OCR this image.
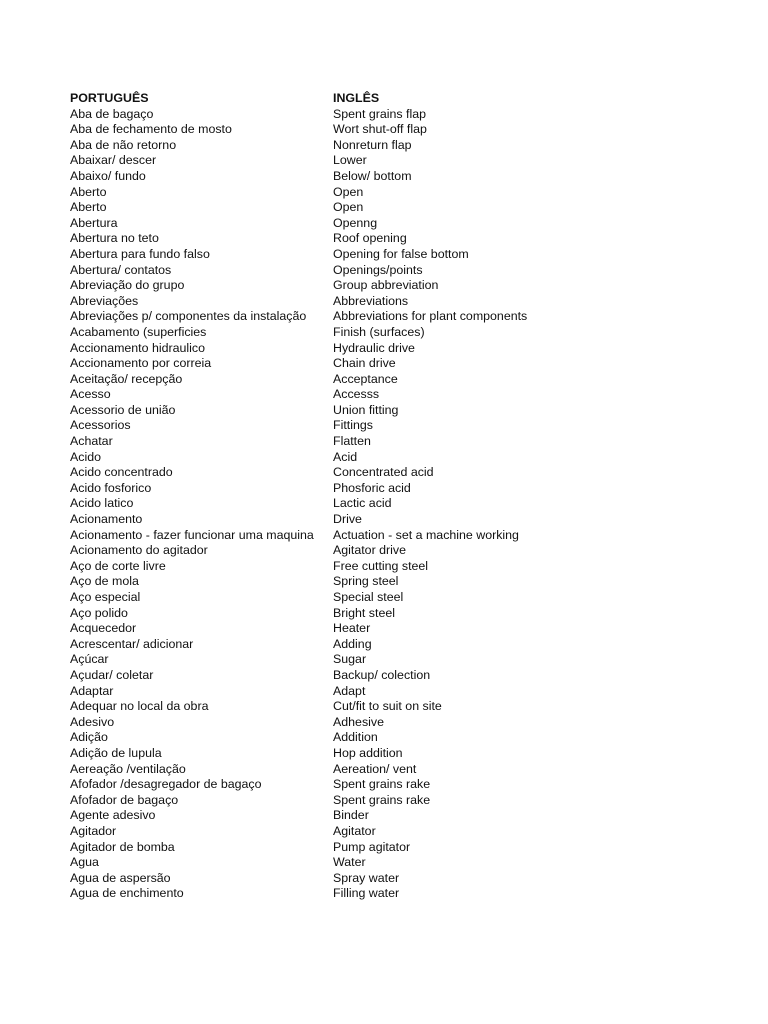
PORTUGUÊS	INGLÊS
Aba de bagaço	Spent grains flap
Aba de fechamento de mosto	Wort shut-off flap
Aba de não retorno	Nonreturn flap
Abaixar/ descer	Lower
Abaixo/ fundo	Below/ bottom
Aberto	Open
Aberto	Open
Abertura	Openng
Abertura no teto	Roof opening
Abertura para fundo falso	Opening for false bottom
Abertura/ contatos	Openings/points
Abreviação do grupo	Group abbreviation
Abreviações	Abbreviations
Abreviações p/ componentes da instalação	Abbreviations for plant components
Acabamento (superficies	Finish (surfaces)
Accionamento hidraulico	Hydraulic drive
Accionamento por correia	Chain drive
Aceitação/ recepção	Acceptance
Acesso	Accesss
Acessorio de união	Union fitting
Acessorios	Fittings
Achatar	Flatten
Acido	Acid
Acido concentrado	Concentrated acid
Acido fosforico	Phosforic acid
Acido latico	Lactic acid
Acionamento	Drive
Acionamento - fazer funcionar uma maquina	Actuation - set a machine working
Acionamento do agitador	Agitator drive
Aço de corte livre	Free cutting steel
Aço de mola	Spring steel
Aço especial	Special steel
Aço polido	Bright steel
Acquecedor	Heater
Acrescentar/ adicionar	Adding
Açúcar	Sugar
Açudar/ coletar	Backup/ colection
Adaptar	Adapt
Adequar no local da obra	Cut/fit to suit on site
Adesivo	Adhesive
Adição	Addition
Adição de lupula	Hop addition
Aereação /ventilação	Aereation/ vent
Afofador /desagregador de bagaço	Spent grains rake
Afofador de bagaço	Spent grains rake
Agente adesivo	Binder
Agitador	Agitator
Agitador de bomba	Pump agitator
Agua	Water
Agua de aspersão	Spray water
Agua de enchimento	Filling water
